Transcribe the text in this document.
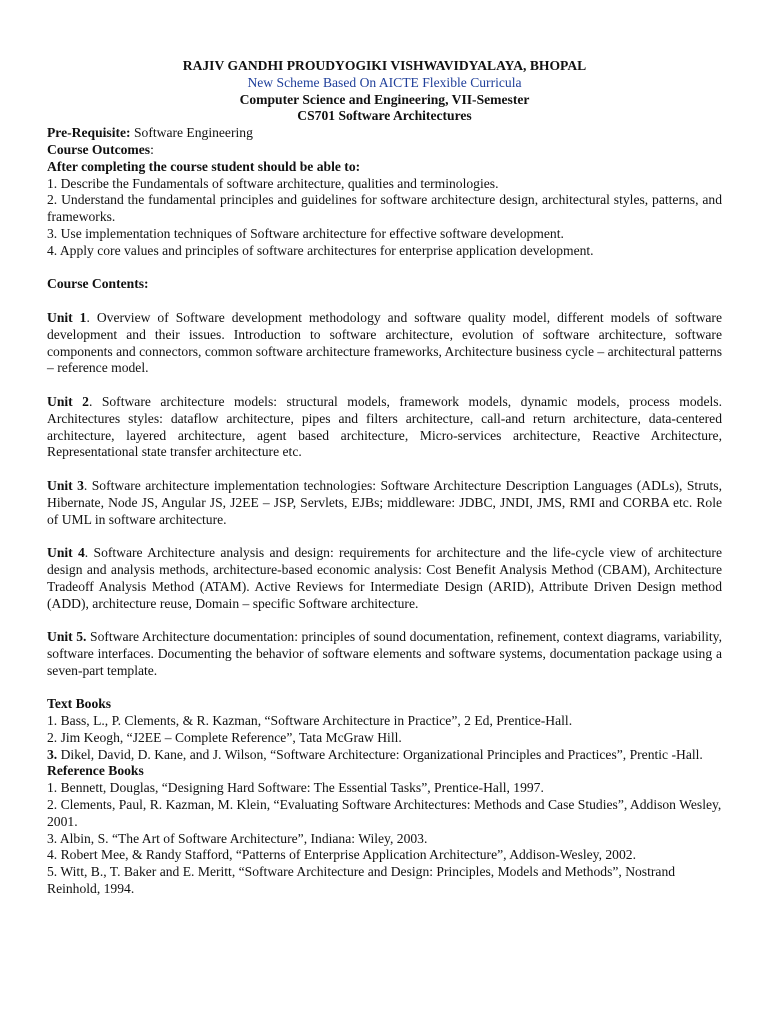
RAJIV GANDHI PROUDYOGIKI VISHWAVIDYALAYA, BHOPAL

New Scheme Based On AICTE Flexible Curricula

Computer Science and Engineering, VII-Semester

CS701 Software Architectures

Pre-Requisite: Software Engineering

Course Outcomes:

After completing the course student should be able to:

1. Describe the Fundamentals of software architecture, qualities and terminologies.

2. Understand the fundamental principles and guidelines for software architecture design, architectural styles, patterns, and frameworks.

3. Use implementation techniques of Software architecture for effective software development.

4. Apply core values and principles of software architectures for enterprise application development.

Course Contents:

Unit 1. Overview of Software development methodology and software quality model, different models of software development and their issues. Introduction to software architecture, evolution of software architecture, software components and connectors, common software architecture frameworks, Architecture business cycle – architectural patterns – reference model.

Unit 2. Software architecture models: structural models, framework models, dynamic models, process models. Architectures styles: dataflow architecture, pipes and filters architecture, call-and return architecture, data-centered architecture, layered architecture, agent based architecture, Micro-services architecture, Reactive Architecture, Representational state transfer architecture etc.

Unit 3. Software architecture implementation technologies: Software Architecture Description Languages (ADLs), Struts, Hibernate, Node JS, Angular JS, J2EE – JSP, Servlets, EJBs; middleware: JDBC, JNDI, JMS, RMI and CORBA etc. Role of UML in software architecture.

Unit 4. Software Architecture analysis and design: requirements for architecture and the life-cycle view of architecture design and analysis methods, architecture-based economic analysis: Cost Benefit Analysis Method (CBAM), Architecture Tradeoff Analysis Method (ATAM). Active Reviews for Intermediate Design (ARID), Attribute Driven Design method (ADD), architecture reuse, Domain – specific Software architecture.

Unit 5. Software Architecture documentation: principles of sound documentation, refinement, context diagrams, variability, software interfaces. Documenting the behavior of software elements and software systems, documentation package using a seven-part template.

Text Books

1. Bass, L., P. Clements, & R. Kazman, “Software Architecture in Practice”, 2 Ed, Prentice-Hall.

2. Jim Keogh, “J2EE – Complete Reference”, Tata McGraw Hill.

3. Dikel, David, D. Kane, and J. Wilson, “Software Architecture: Organizational Principles and Practices”, Prentic -Hall.

Reference Books

1. Bennett, Douglas, “Designing Hard Software: The Essential Tasks”, Prentice-Hall, 1997.

2. Clements, Paul, R. Kazman, M. Klein, “Evaluating Software Architectures: Methods and Case Studies”, Addison Wesley, 2001.

3. Albin, S. “The Art of Software Architecture”, Indiana: Wiley, 2003.

4. Robert Mee, & Randy Stafford, “Patterns of Enterprise Application Architecture”, Addison-Wesley, 2002.

5. Witt, B., T. Baker and E. Meritt, “Software Architecture and Design: Principles, Models and Methods”, Nostrand Reinhold, 1994.
